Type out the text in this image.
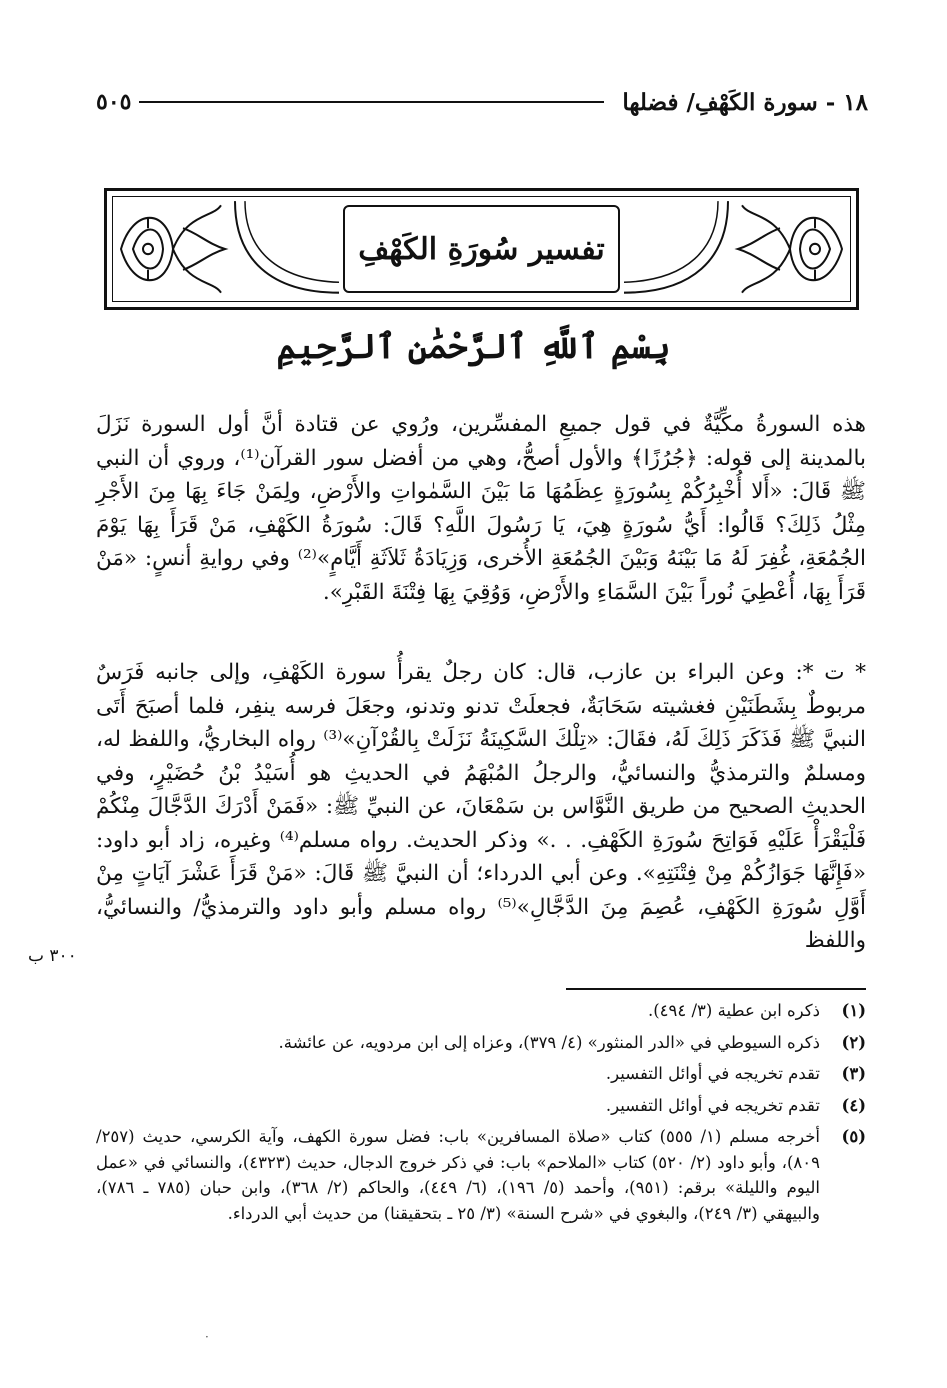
١٨ - سورة الكَهْفِ/ فضلها
٥٠٥
تفسير سُورَةِ الكَهْفِ
بِسْمِ ٱللَّهِ ٱلرَّحْمَٰنِ ٱلرَّحِيمِ

هذه السورةُ مكِّيَّةٌ في قول جميعِ المفسِّرين، ورُوي عن قتادة أنَّ أول السورة نَزَلَ بالمدينة إلى قوله: ﴿جُرُزًا﴾ والأول أصحُّ، وهي من أفضل سور القرآن⁽¹⁾، وروي أن النبي ﷺ قَالَ: «أَلا أُخْبِرُكُمْ بِسُورَةٍ عِظَمُهَا مَا بَيْنَ السَّمٰواتِ والأَرْضِ، ولِمَنْ جَاءَ بِهَا مِنَ الأَجْرِ مِثْلُ ذَلِكَ؟ قَالُوا: أَيُّ سُورَةٍ هِيَ، يَا رَسُولَ اللَّهِ؟ قَالَ: سُورَةُ الكَهْفِ، مَنْ قَرَأَ بِهَا يَوْمَ الجُمُعَةِ، غُفِرَ لَهُ مَا بَيْنَهُ وَبَيْنَ الجُمُعَةِ الأُخرى، وَزِيَادَةُ ثَلاَثَةِ أَيَّامٍ»⁽²⁾ وفي روايةِ أنسٍ: «مَنْ قَرَأَ بِهَا، أُعْطِيَ نُوراً بَيْنَ السَّمَاءِ والأَرْضِ، وَوُقِيَ بِهَا فِتْنَةَ القَبْرِ».

* ت *: وعن البراء بن عازب، قال: كان رجلٌ يقرأُ سورة الكَهْفِ، وإلى جانبه فَرَسٌ مربوطٌ بِشَطَنَيْنِ فغشيته سَحَابَةٌ، فجعلَتْ تدنو وتدنو، وجعَلَ فرسه ينفِر، فلما أصبَحَ أَتَى النبيَّ ﷺ فَذَكَرَ ذَلِكَ لَهُ، فقَالَ: «تِلْكَ السَّكِينَةُ نَزَلَتْ بِالقُرْآنِ»⁽³⁾ رواه البخاريُّ، واللفظ له، ومسلمٌ والترمذيُّ والنسائيُّ، والرجلُ المُبْهَمُ في الحديثِ هو أُسَيْدُ بْنُ حُضَيْرٍ، وفي الحديثِ الصحيح من طريق النَّوَّاس بن سَمْعَانَ، عن النبيِّ ﷺ: «فَمَنْ أَدْرَكَ الدَّجَّالَ مِنْكُمْ فَلْيَقْرَأْ عَلَيْهِ فَوَاتِحَ سُورَةِ الكَهْفِ. . .» وذكر الحديث. رواه مسلم⁽⁴⁾ وغيره، زاد أبو داود: «فَإِنَّهَا جَوَازُكُمْ مِنْ فِتْنَتِهِ». وعن أبي الدرداء؛ أن النبيَّ ﷺ قَالَ: «مَنْ قَرَأَ عَشْرَ آيَاتٍ مِنْ أَوَّلِ سُورَةِ الكَهْفِ، عُصِمَ مِنَ الدَّجَّالِ»⁽⁵⁾ رواه مسلم وأبو داود والترمذيُّ/ والنسائيُّ، واللفظ

٣٠٠ ب
(١)
ذكره ابن عطية (٣/ ٤٩٤).
(٢)
ذكره السيوطي في «الدر المنثور» (٤/ ٣٧٩)، وعزاه إلى ابن مردويه، عن عائشة.
(٣)
تقدم تخريجه في أوائل التفسير.
(٤)
تقدم تخريجه في أوائل التفسير.
(٥)
أخرجه مسلم (١/ ٥٥٥) كتاب «صلاة المسافرين» باب: فضل سورة الكهف، وآية الكرسي، حديث (٢٥٧/ ٨٠٩)، وأبو داود (٢/ ٥٢٠) كتاب «الملاحم» باب: في ذكر خروج الدجال، حديث (٤٣٢٣)، والنسائي في «عمل اليوم والليلة» برقم: (٩٥١)، وأحمد (٥/ ١٩٦)، (٦/ ٤٤٩)، والحاكم (٢/ ٣٦٨)، وابن حبان (٧٨٥ ـ ٧٨٦)، والبيهقي (٣/ ٢٤٩)، والبغوي في «شرح السنة» (٣/ ٢٥ ـ بتحقيقنا) من حديث أبي الدرداء.
·
